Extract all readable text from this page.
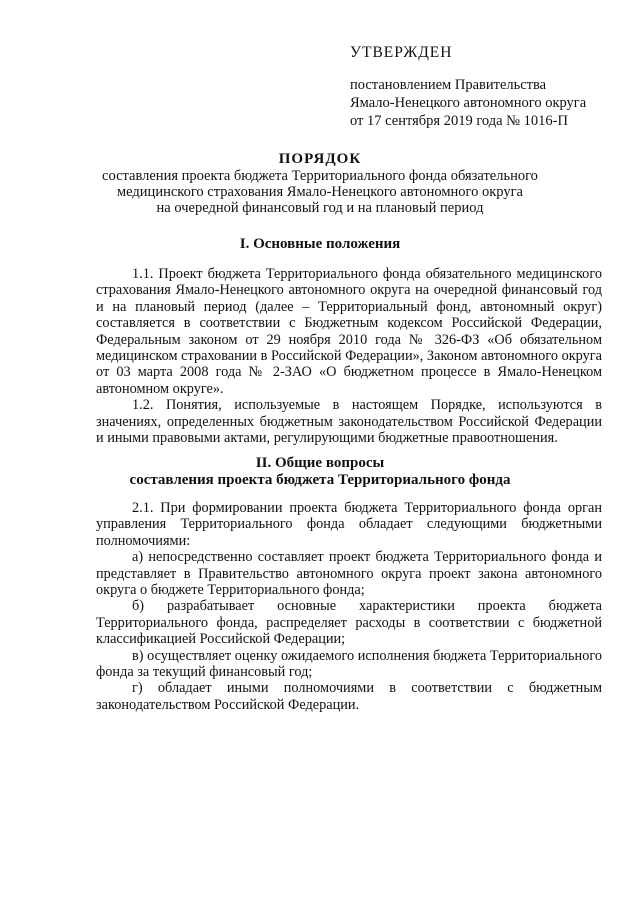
УТВЕРЖДЕН
постановлением Правительства
Ямало-Ненецкого автономного округа
от 17 сентября 2019 года № 1016-П
ПОРЯДОК
составления проекта бюджета Территориального фонда обязательного
медицинского страхования Ямало-Ненецкого автономного округа
на очередной финансовый год и на плановый период
I. Основные положения

1.1. Проект бюджета Территориального фонда обязательного медицинского страхования Ямало-Ненецкого автономного округа на очередной финансовый год и на плановый период (далее – Территориальный фонд, автономный округ) составляется в соответствии с Бюджетным кодексом Российской Федерации, Федеральным законом от 29 ноября 2010 года № 326-ФЗ «Об обязательном медицинском страховании в Российской Федерации», Законом автономного округа от 03 марта 2008 года № 2-ЗАО «О бюджетном процессе в Ямало-Ненецком автономном округе».

1.2. Понятия, используемые в настоящем Порядке, используются в значениях, определенных бюджетным законодательством Российской Федерации и иными правовыми актами, регулирующими бюджетные правоотношения.

II. Общие вопросы
составления проекта бюджета Территориального фонда

2.1. При формировании проекта бюджета Территориального фонда орган управления Территориального фонда обладает следующими бюджетными полномочиями:

а) непосредственно составляет проект бюджета Территориального фонда и представляет в Правительство автономного округа проект закона автономного округа о бюджете Территориального фонда;

б) разрабатывает основные характеристики проекта бюджета Территориального фонда, распределяет расходы в соответствии с бюджетной классификацией Российской Федерации;

в) осуществляет оценку ожидаемого исполнения бюджета Территориального фонда за текущий финансовый год;

г) обладает иными полномочиями в соответствии с бюджетным законодательством Российской Федерации.
